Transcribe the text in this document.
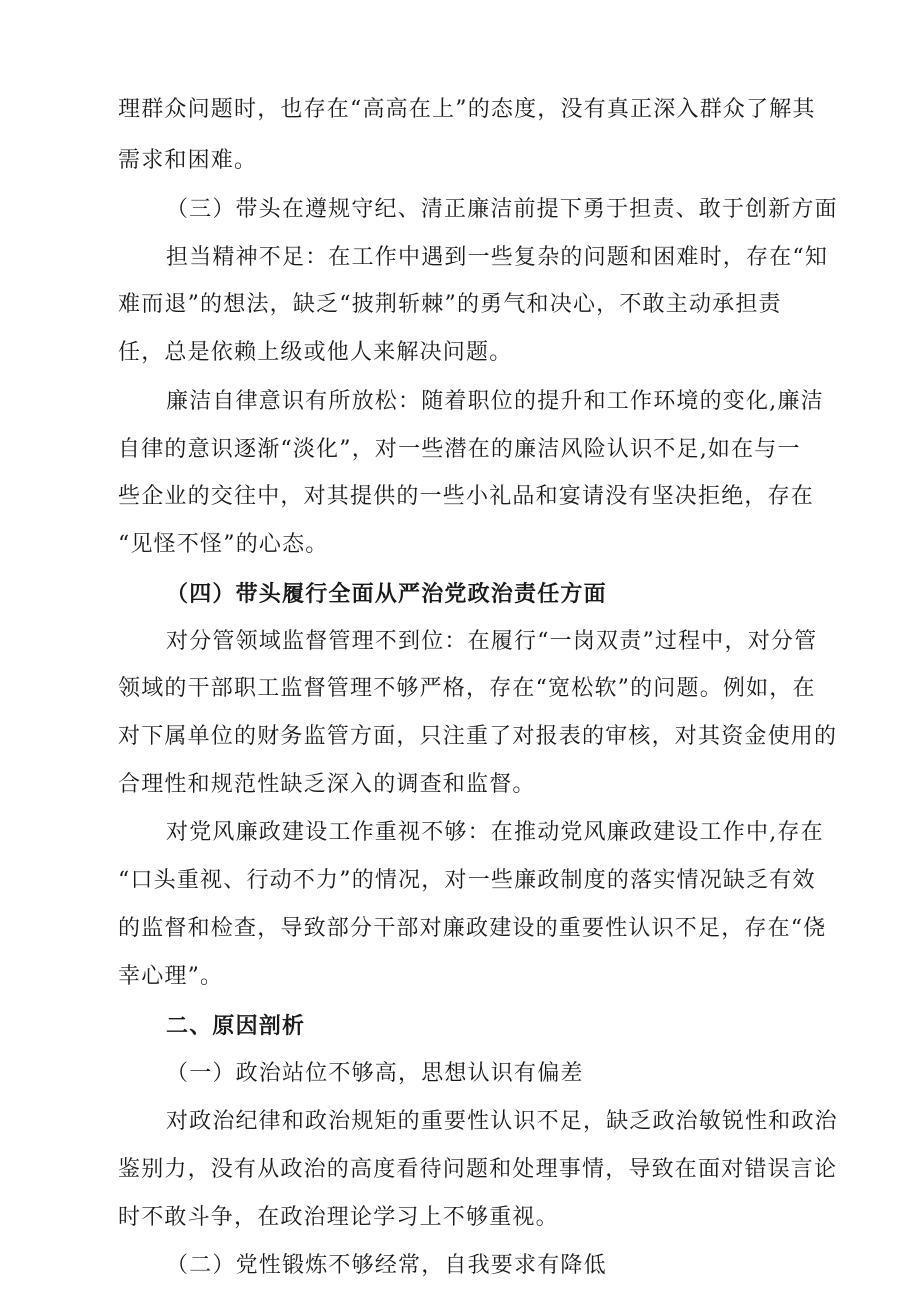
理群众问题时，也存在“高高在上”的态度，没有真正深入群众了解其
需求和困难。
（三）带头在遵规守纪、清正廉洁前提下勇于担责、敢于创新方面
担当精神不足：在工作中遇到一些复杂的问题和困难时，存在“知
难而退”的想法，缺乏“披荆斩棘”的勇气和决心，不敢主动承担责
任，总是依赖上级或他人来解决问题。
廉洁自律意识有所放松：随着职位的提升和工作环境的变化,廉洁
自律的意识逐渐“淡化”，对一些潜在的廉洁风险认识不足,如在与一
些企业的交往中，对其提供的一些小礼品和宴请没有坚决拒绝，存在
“见怪不怪”的心态。
（四）带头履行全面从严治党政治责任方面
对分管领域监督管理不到位：在履行“一岗双责”过程中，对分管
领域的干部职工监督管理不够严格，存在“宽松软”的问题。例如，在
对下属单位的财务监管方面，只注重了对报表的审核，对其资金使用的
合理性和规范性缺乏深入的调查和监督。
对党风廉政建设工作重视不够：在推动党风廉政建设工作中,存在
“口头重视、行动不力”的情况，对一些廉政制度的落实情况缺乏有效
的监督和检查，导致部分干部对廉政建设的重要性认识不足，存在“侥
幸心理”。
二、原因剖析
（一）政治站位不够高，思想认识有偏差
对政治纪律和政治规矩的重要性认识不足，缺乏政治敏锐性和政治
鉴别力，没有从政治的高度看待问题和处理事情，导致在面对错误言论
时不敢斗争，在政治理论学习上不够重视。
（二）党性锻炼不够经常，自我要求有降低
